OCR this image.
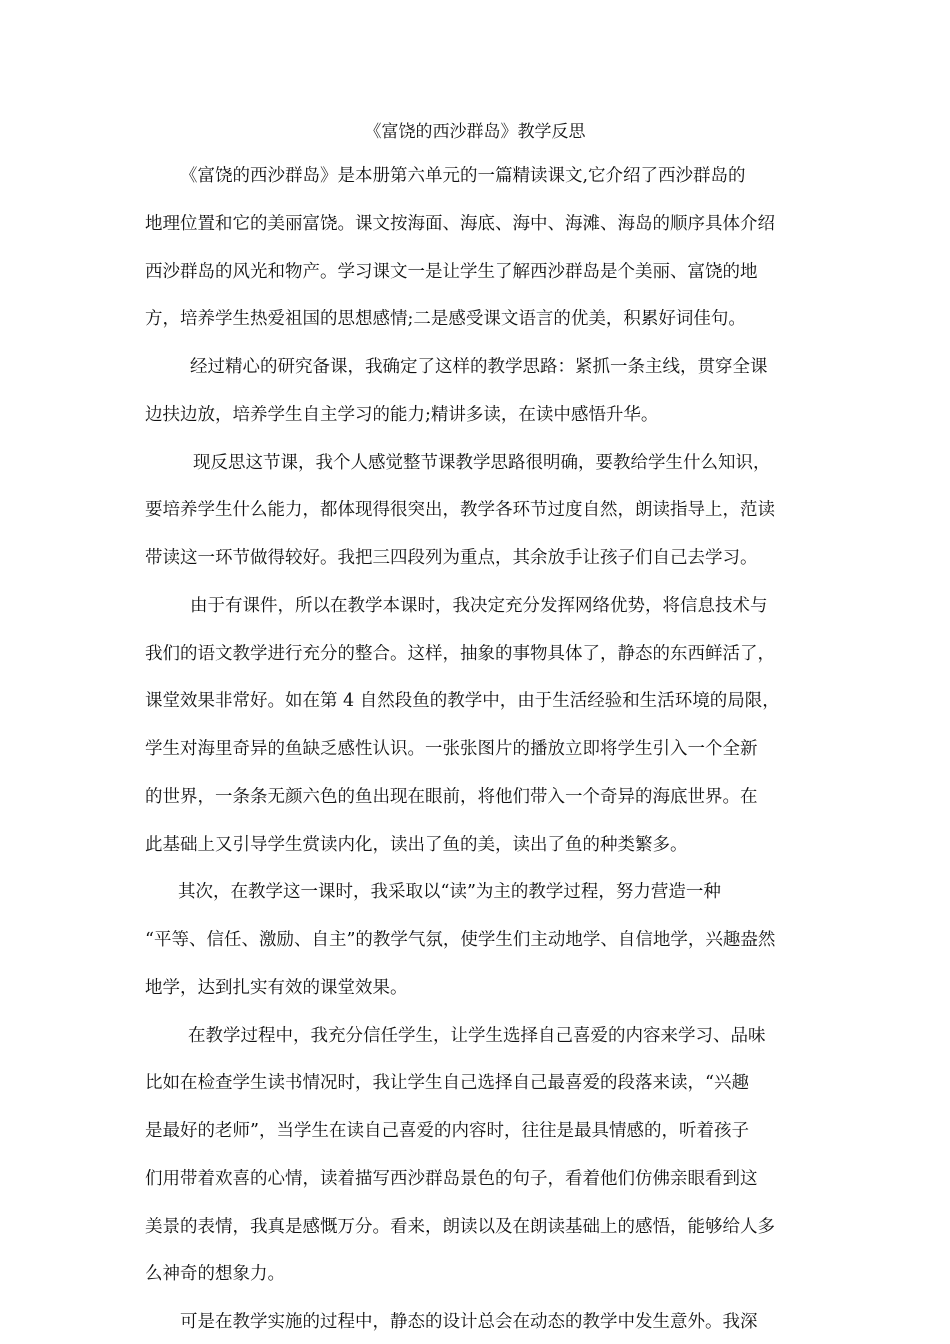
《富饶的西沙群岛》教学反思
《富饶的西沙群岛》是本册第六单元的一篇精读课文,它介绍了西沙群岛的
地理位置和它的美丽富饶。课文按海面、海底、海中、海滩、海岛的顺序具体介绍
西沙群岛的风光和物产。学习课文一是让学生了解西沙群岛是个美丽、富饶的地
方，培养学生热爱祖国的思想感情;二是感受课文语言的优美，积累好词佳句。
经过精心的研究备课，我确定了这样的教学思路：紧抓一条主线，贯穿全课
边扶边放，培养学生自主学习的能力;精讲多读，在读中感悟升华。
现反思这节课，我个人感觉整节课教学思路很明确，要教给学生什么知识，
要培养学生什么能力，都体现得很突出，教学各环节过度自然，朗读指导上，范读
带读这一环节做得较好。我把三四段列为重点，其余放手让孩子们自己去学习。
由于有课件，所以在教学本课时，我决定充分发挥网络优势，将信息技术与
我们的语文教学进行充分的整合。这样，抽象的事物具体了，静态的东西鲜活了，
课堂效果非常好。如在第 4 自然段鱼的教学中，由于生活经验和生活环境的局限，
学生对海里奇异的鱼缺乏感性认识。一张张图片的播放立即将学生引入一个全新
的世界，一条条无颜六色的鱼出现在眼前，将他们带入一个奇异的海底世界。在
此基础上又引导学生赏读内化，读出了鱼的美，读出了鱼的种类繁多。
其次，在教学这一课时，我采取以“读”为主的教学过程，努力营造一种
“平等、信任、激励、自主”的教学气氛，使学生们主动地学、自信地学，兴趣盎然
地学，达到扎实有效的课堂效果。
在教学过程中，我充分信任学生，让学生选择自己喜爱的内容来学习、品味
比如在检查学生读书情况时，我让学生自己选择自己最喜爱的段落来读，“兴趣
是最好的老师”，当学生在读自己喜爱的内容时，往往是最具情感的，听着孩子
们用带着欢喜的心情，读着描写西沙群岛景色的句子，看着他们仿佛亲眼看到这
美景的表情，我真是感慨万分。看来，朗读以及在朗读基础上的感悟，能够给人多
么神奇的想象力。
可是在教学实施的过程中，静态的设计总会在动态的教学中发生意外。我深
